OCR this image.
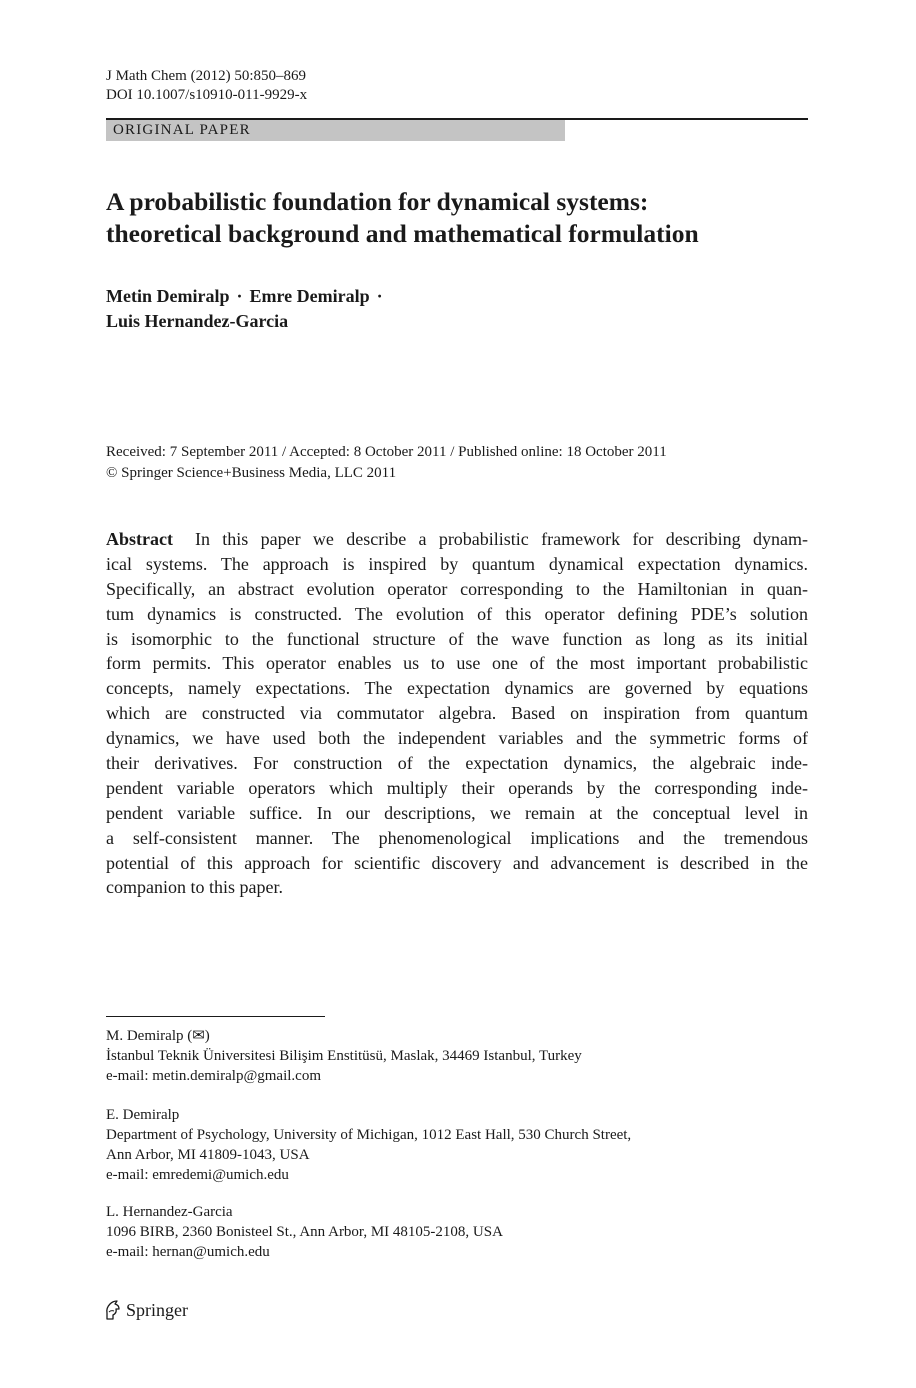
J Math Chem (2012) 50:850–869
DOI 10.1007/s10910-011-9929-x
ORIGINAL PAPER
A probabilistic foundation for dynamical systems:
theoretical background and mathematical formulation
Metin Demiralp · Emre Demiralp ·
Luis Hernandez-Garcia
Received: 7 September 2011 / Accepted: 8 October 2011 / Published online: 18 October 2011
© Springer Science+Business Media, LLC 2011
Abstract In this paper we describe a probabilistic framework for describing dynam-
ical systems. The approach is inspired by quantum dynamical expectation dynamics.
Specifically, an abstract evolution operator corresponding to the Hamiltonian in quan-
tum dynamics is constructed. The evolution of this operator defining PDE’s solution
is isomorphic to the functional structure of the wave function as long as its initial
form permits. This operator enables us to use one of the most important probabilistic
concepts, namely expectations. The expectation dynamics are governed by equations
which are constructed via commutator algebra. Based on inspiration from quantum
dynamics, we have used both the independent variables and the symmetric forms of
their derivatives. For construction of the expectation dynamics, the algebraic inde-
pendent variable operators which multiply their operands by the corresponding inde-
pendent variable suffice. In our descriptions, we remain at the conceptual level in
a self-consistent manner. The phenomenological implications and the tremendous
potential of this approach for scientific discovery and advancement is described in the
companion to this paper.
M. Demiralp (✉)
İstanbul Teknik Üniversitesi Bilişim Enstitüsü, Maslak, 34469 Istanbul, Turkey
e-mail: metin.demiralp@gmail.com
E. Demiralp
Department of Psychology, University of Michigan, 1012 East Hall, 530 Church Street,
Ann Arbor, MI 41809-1043, USA
e-mail: emredemi@umich.edu
L. Hernandez-Garcia
1096 BIRB, 2360 Bonisteel St., Ann Arbor, MI 48105-2108, USA
e-mail: hernan@umich.edu
Springer
